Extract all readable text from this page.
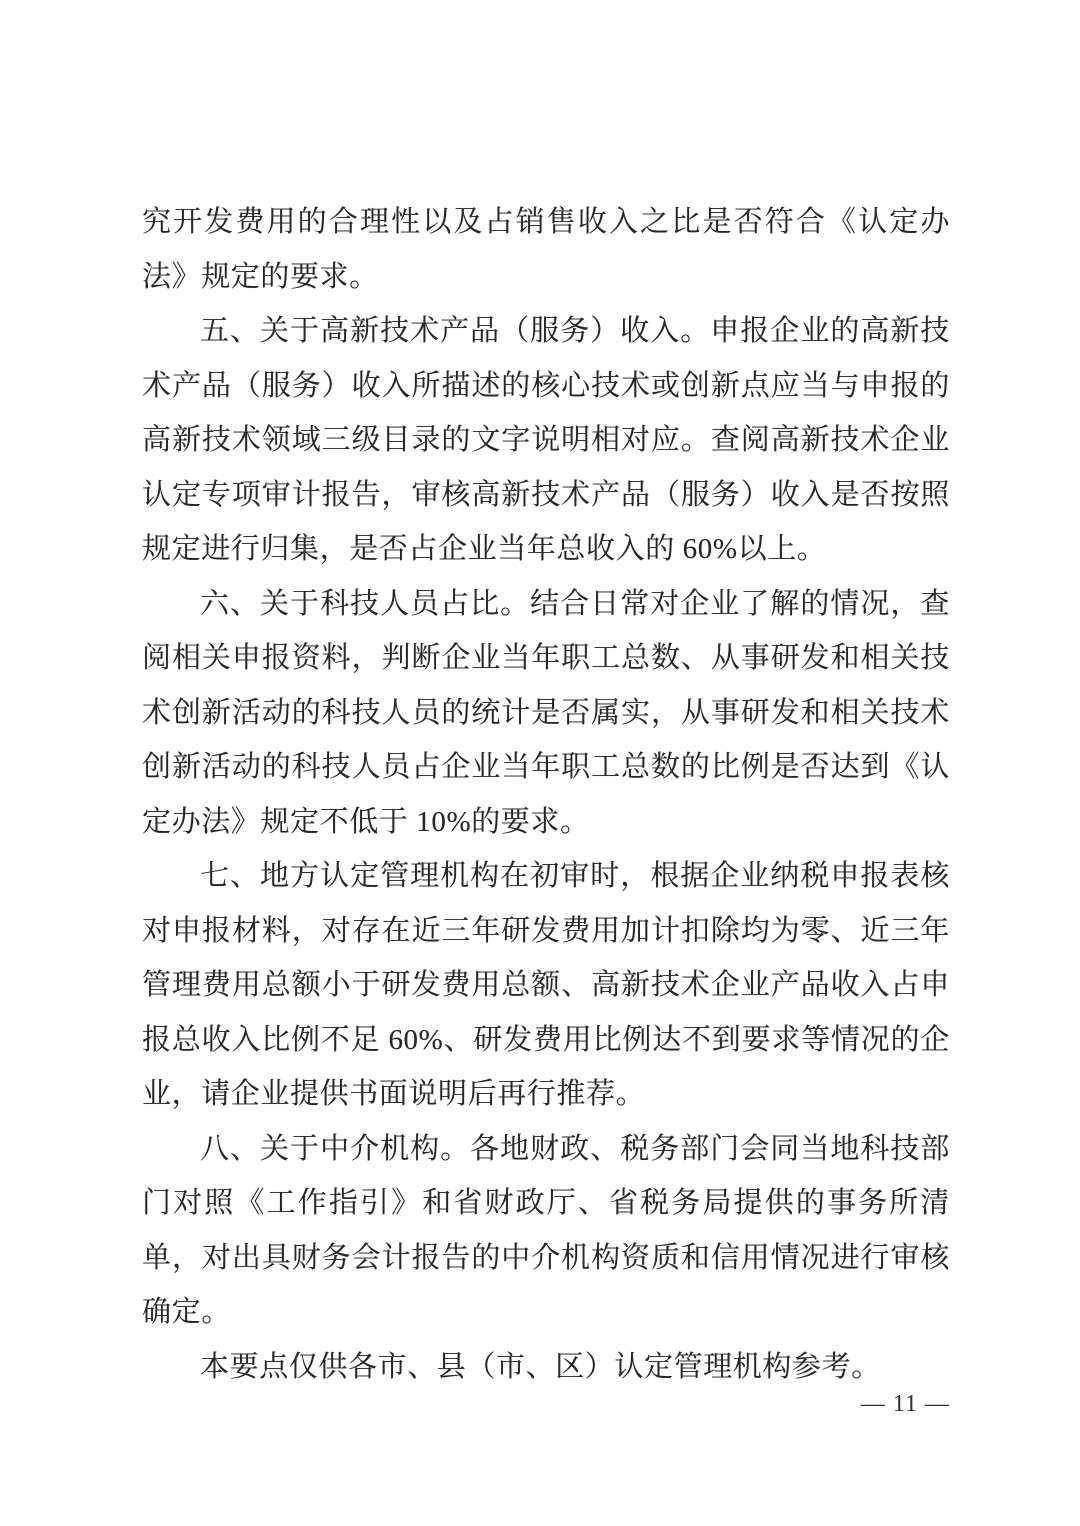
究开发费用的合理性以及占销售收入之比是否符合《认定办法》规定的要求。

五、关于高新技术产品（服务）收入。申报企业的高新技术产品（服务）收入所描述的核心技术或创新点应当与申报的高新技术领域三级目录的文字说明相对应。查阅高新技术企业认定专项审计报告，审核高新技术产品（服务）收入是否按照规定进行归集，是否占企业当年总收入的 60%以上。

六、关于科技人员占比。结合日常对企业了解的情况，查阅相关申报资料，判断企业当年职工总数、从事研发和相关技术创新活动的科技人员的统计是否属实，从事研发和相关技术创新活动的科技人员占企业当年职工总数的比例是否达到《认定办法》规定不低于 10%的要求。

七、地方认定管理机构在初审时，根据企业纳税申报表核对申报材料，对存在近三年研发费用加计扣除均为零、近三年管理费用总额小于研发费用总额、高新技术企业产品收入占申报总收入比例不足 60%、研发费用比例达不到要求等情况的企业，请企业提供书面说明后再行推荐。

八、关于中介机构。各地财政、税务部门会同当地科技部门对照《工作指引》和省财政厅、省税务局提供的事务所清单，对出具财务会计报告的中介机构资质和信用情况进行审核确定。

本要点仅供各市、县（市、区）认定管理机构参考。

— 11 —
